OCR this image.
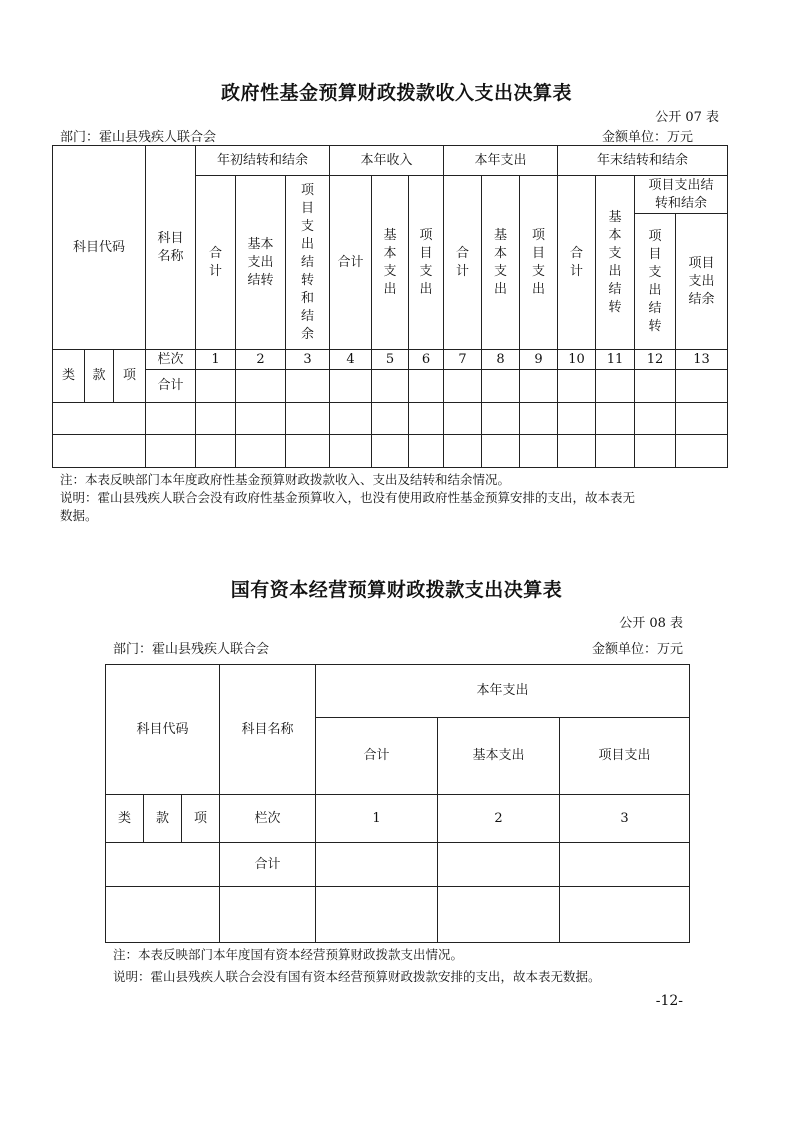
政府性基金预算财政拨款收入支出决算表
公开 07 表
部门：霍山县残疾人联合会	金额单位：万元
科目代码			科目名称	年初结转和结余			本年收入			本年支出			年末结转和结余			
				合计	基本支出结转	项目支出结转和结余	合计	基本支出	项目支出	合计	基本支出	项目支出	合计	基本支出结转	项目支出结转和结余	
															项目支出结转	项目支出结余
类	款	项	栏次	1	2	3	4	5	6	7	8	9	10	11	12	13
			合计													

注：本表反映部门本年度政府性基金预算财政拨款收入、支出及结转和结余情况。
说明：霍山县残疾人联合会没有政府性基金预算收入，也没有使用政府性基金预算安排的支出，故本表无
数据。
国有资本经营预算财政拨款支出决算表
公开 08 表
部门：霍山县残疾人联合会	金额单位：万元
科目代码			科目名称	本年支出		
				合计	基本支出	项目支出
类	款	项	栏次	1	2	3
			合计			

注：本表反映部门本年度国有资本经营预算财政拨款支出情况。
说明：霍山县残疾人联合会没有国有资本经营预算财政拨款安排的支出，故本表无数据。
-12-
